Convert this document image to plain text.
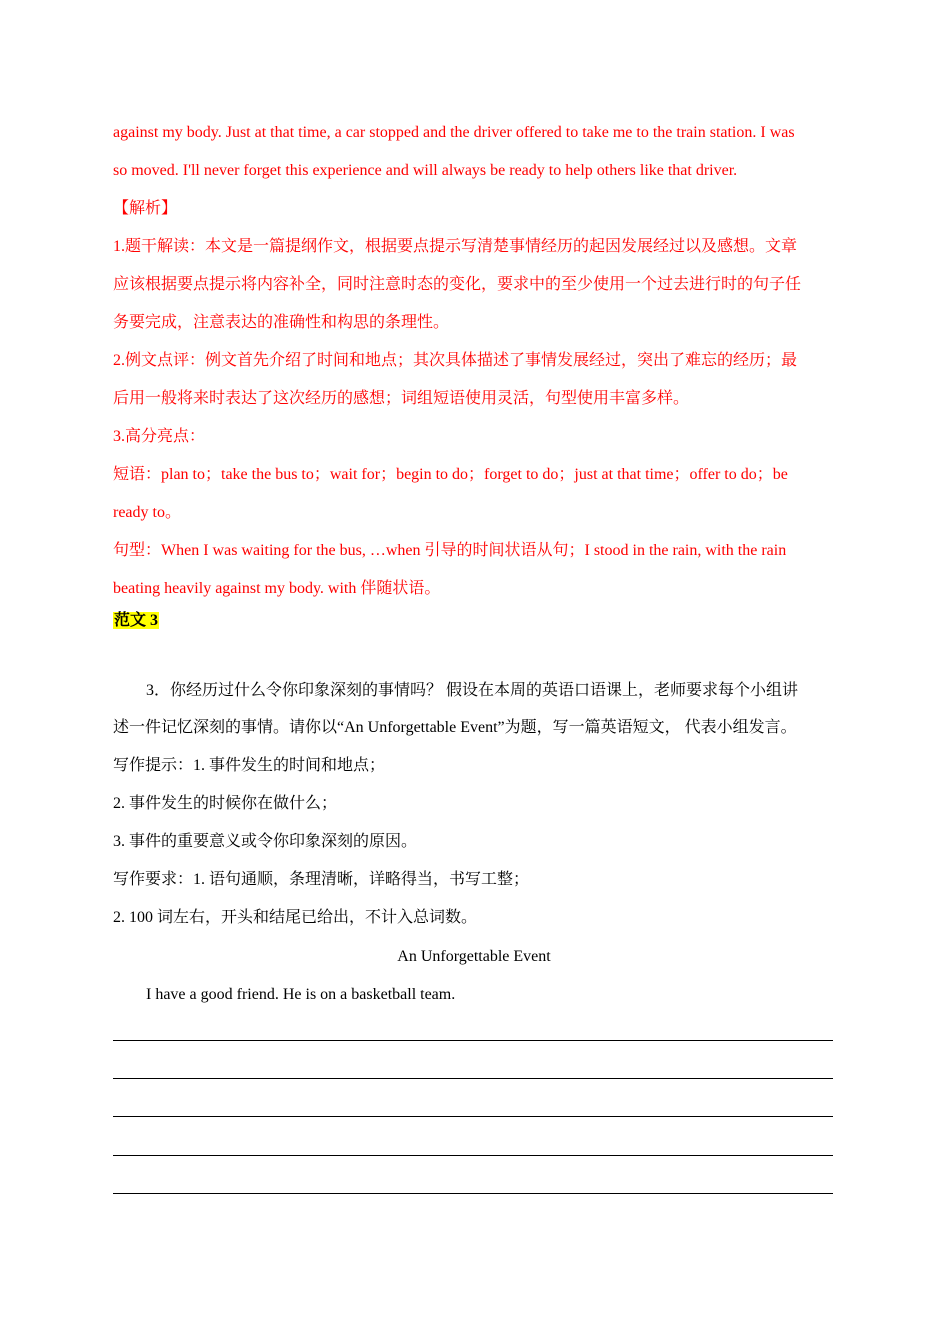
against my body. Just at that time, a car stopped and the driver offered to take me to the train station. I was
so moved. I'll never forget this experience and will always be ready to help others like that driver.
【解析】
1.题干解读：本文是一篇提纲作文，根据要点提示写清楚事情经历的起因发展经过以及感想。文章
应该根据要点提示将内容补全，同时注意时态的变化，要求中的至少使用一个过去进行时的句子任
务要完成，注意表达的准确性和构思的条理性。
2.例文点评：例文首先介绍了时间和地点；其次具体描述了事情发展经过，突出了难忘的经历；最
后用一般将来时表达了这次经历的感想；词组短语使用灵活，句型使用丰富多样。
3.高分亮点：
短语：plan to；take the bus to；wait for；begin to do；forget to do；just at that time；offer to do；be
ready to。
句型：When I was waiting for the bus, …when 引导的时间状语从句；I stood in the rain, with the rain
beating heavily against my body. with 伴随状语。
范文 3
3．你经历过什么令你印象深刻的事情吗？ 假设在本周的英语口语课上，老师要求每个小组讲
述一件记忆深刻的事情。请你以“An Unforgettable Event”为题，写一篇英语短文， 代表小组发言。
写作提示：1. 事件发生的时间和地点；
2. 事件发生的时候你在做什么；
3. 事件的重要意义或令你印象深刻的原因。
写作要求：1. 语句通顺，条理清晰，详略得当，书写工整；
2. 100 词左右，开头和结尾已给出，不计入总词数。
An Unforgettable Event
I have a good friend. He is on a basketball team.
